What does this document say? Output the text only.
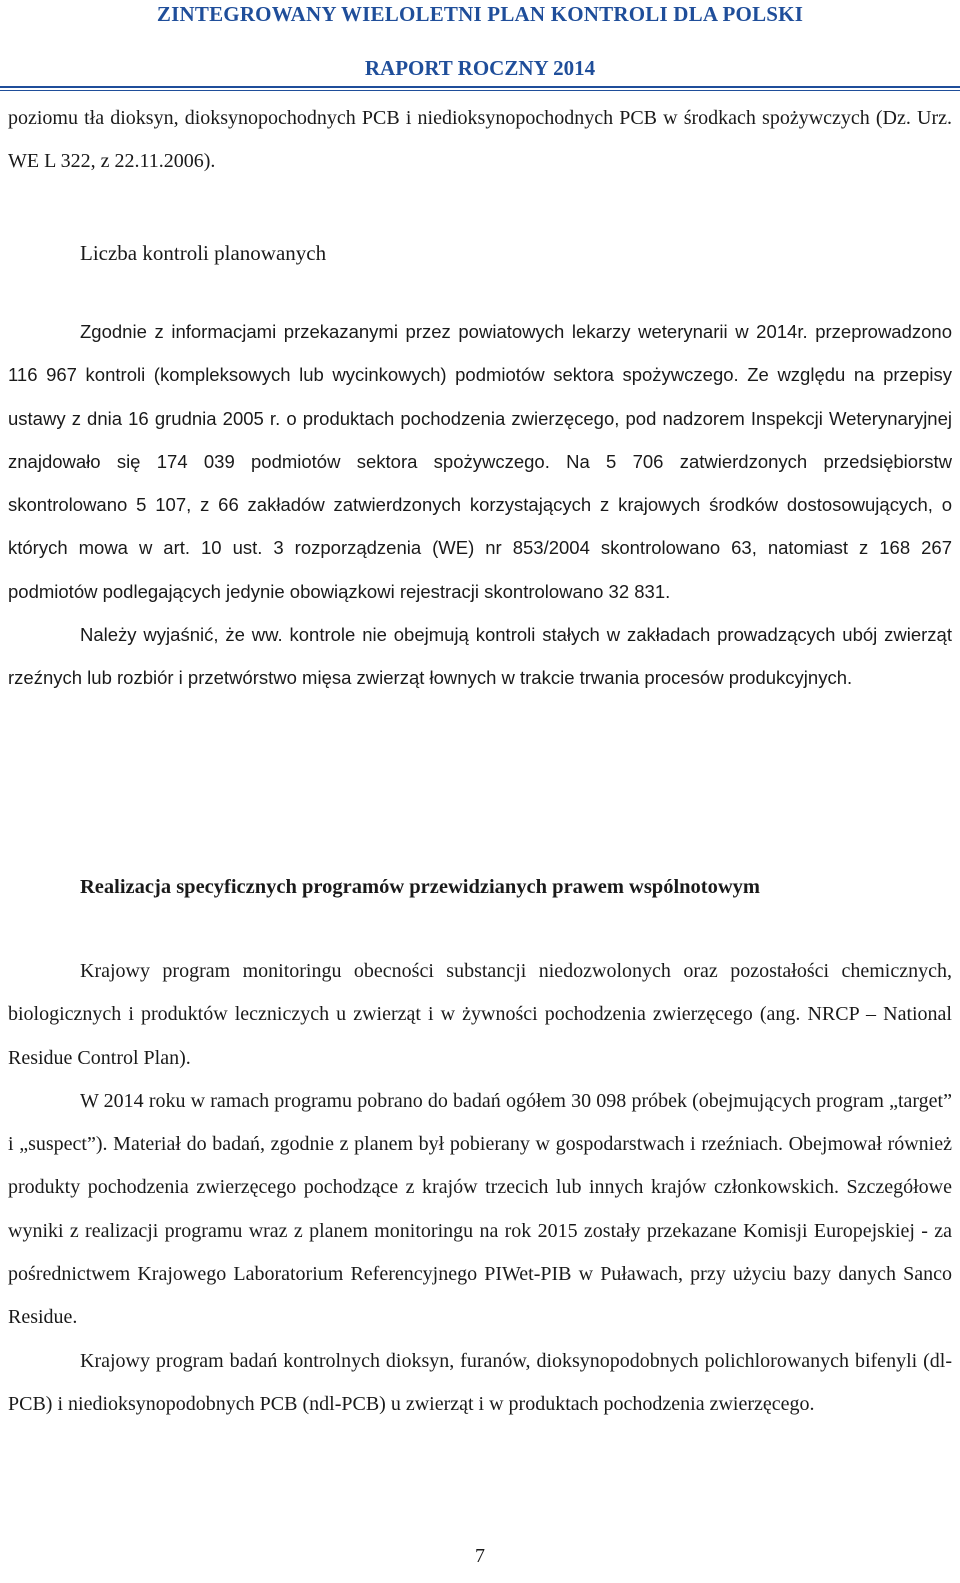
ZINTEGROWANY WIELOLETNI PLAN KONTROLI DLA POLSKI
RAPORT ROCZNY 2014

poziomu tła dioksyn, dioksynopochodnych PCB i niedioksynopochodnych PCB w środkach spożywczych (Dz. Urz. WE L 322, z 22.11.2006).

Liczba kontroli planowanych

Zgodnie z informacjami przekazanymi przez powiatowych lekarzy weterynarii w 2014r. przeprowadzono 116 967 kontroli (kompleksowych lub wycinkowych) podmiotów sektora spożywczego. Ze względu na przepisy ustawy z dnia 16 grudnia 2005 r. o produktach pochodzenia zwierzęcego, pod nadzorem Inspekcji Weterynaryjnej znajdowało się 174 039 podmiotów sektora spożywczego. Na 5 706 zatwierdzonych przedsiębiorstw skontrolowano 5 107, z 66 zakładów zatwierdzonych korzystających z krajowych środków dostosowujących, o których mowa w art. 10 ust. 3 rozporządzenia (WE) nr 853/2004 skontrolowano 63, natomiast z 168 267 podmiotów podlegających jedynie obowiązkowi rejestracji skontrolowano 32 831.

Należy wyjaśnić, że ww. kontrole nie obejmują kontroli stałych w zakładach prowadzących ubój zwierząt rzeźnych lub rozbiór i przetwórstwo mięsa zwierząt łownych w trakcie trwania procesów produkcyjnych.

Realizacja specyficznych programów przewidzianych prawem wspólnotowym

Krajowy program monitoringu obecności substancji niedozwolonych oraz pozostałości chemicznych, biologicznych i produktów leczniczych u zwierząt i w żywności pochodzenia zwierzęcego (ang. NRCP – National Residue Control Plan).

W 2014 roku w ramach programu pobrano do badań ogółem 30 098 próbek (obejmujących program „target” i „suspect”). Materiał do badań, zgodnie z planem był pobierany w gospodarstwach i rzeźniach. Obejmował również produkty pochodzenia zwierzęcego pochodzące z krajów trzecich lub innych krajów członkowskich. Szczegółowe wyniki z realizacji programu wraz z planem monitoringu na rok 2015 zostały przekazane Komisji Europejskiej - za pośrednictwem Krajowego Laboratorium Referencyjnego PIWet-PIB w Puławach, przy użyciu bazy danych Sanco Residue.

Krajowy program badań kontrolnych dioksyn, furanów, dioksynopodobnych polichlorowanych bifenyli (dl-PCB) i niedioksynopodobnych PCB (ndl-PCB) u zwierząt i w produktach pochodzenia zwierzęcego.

7
